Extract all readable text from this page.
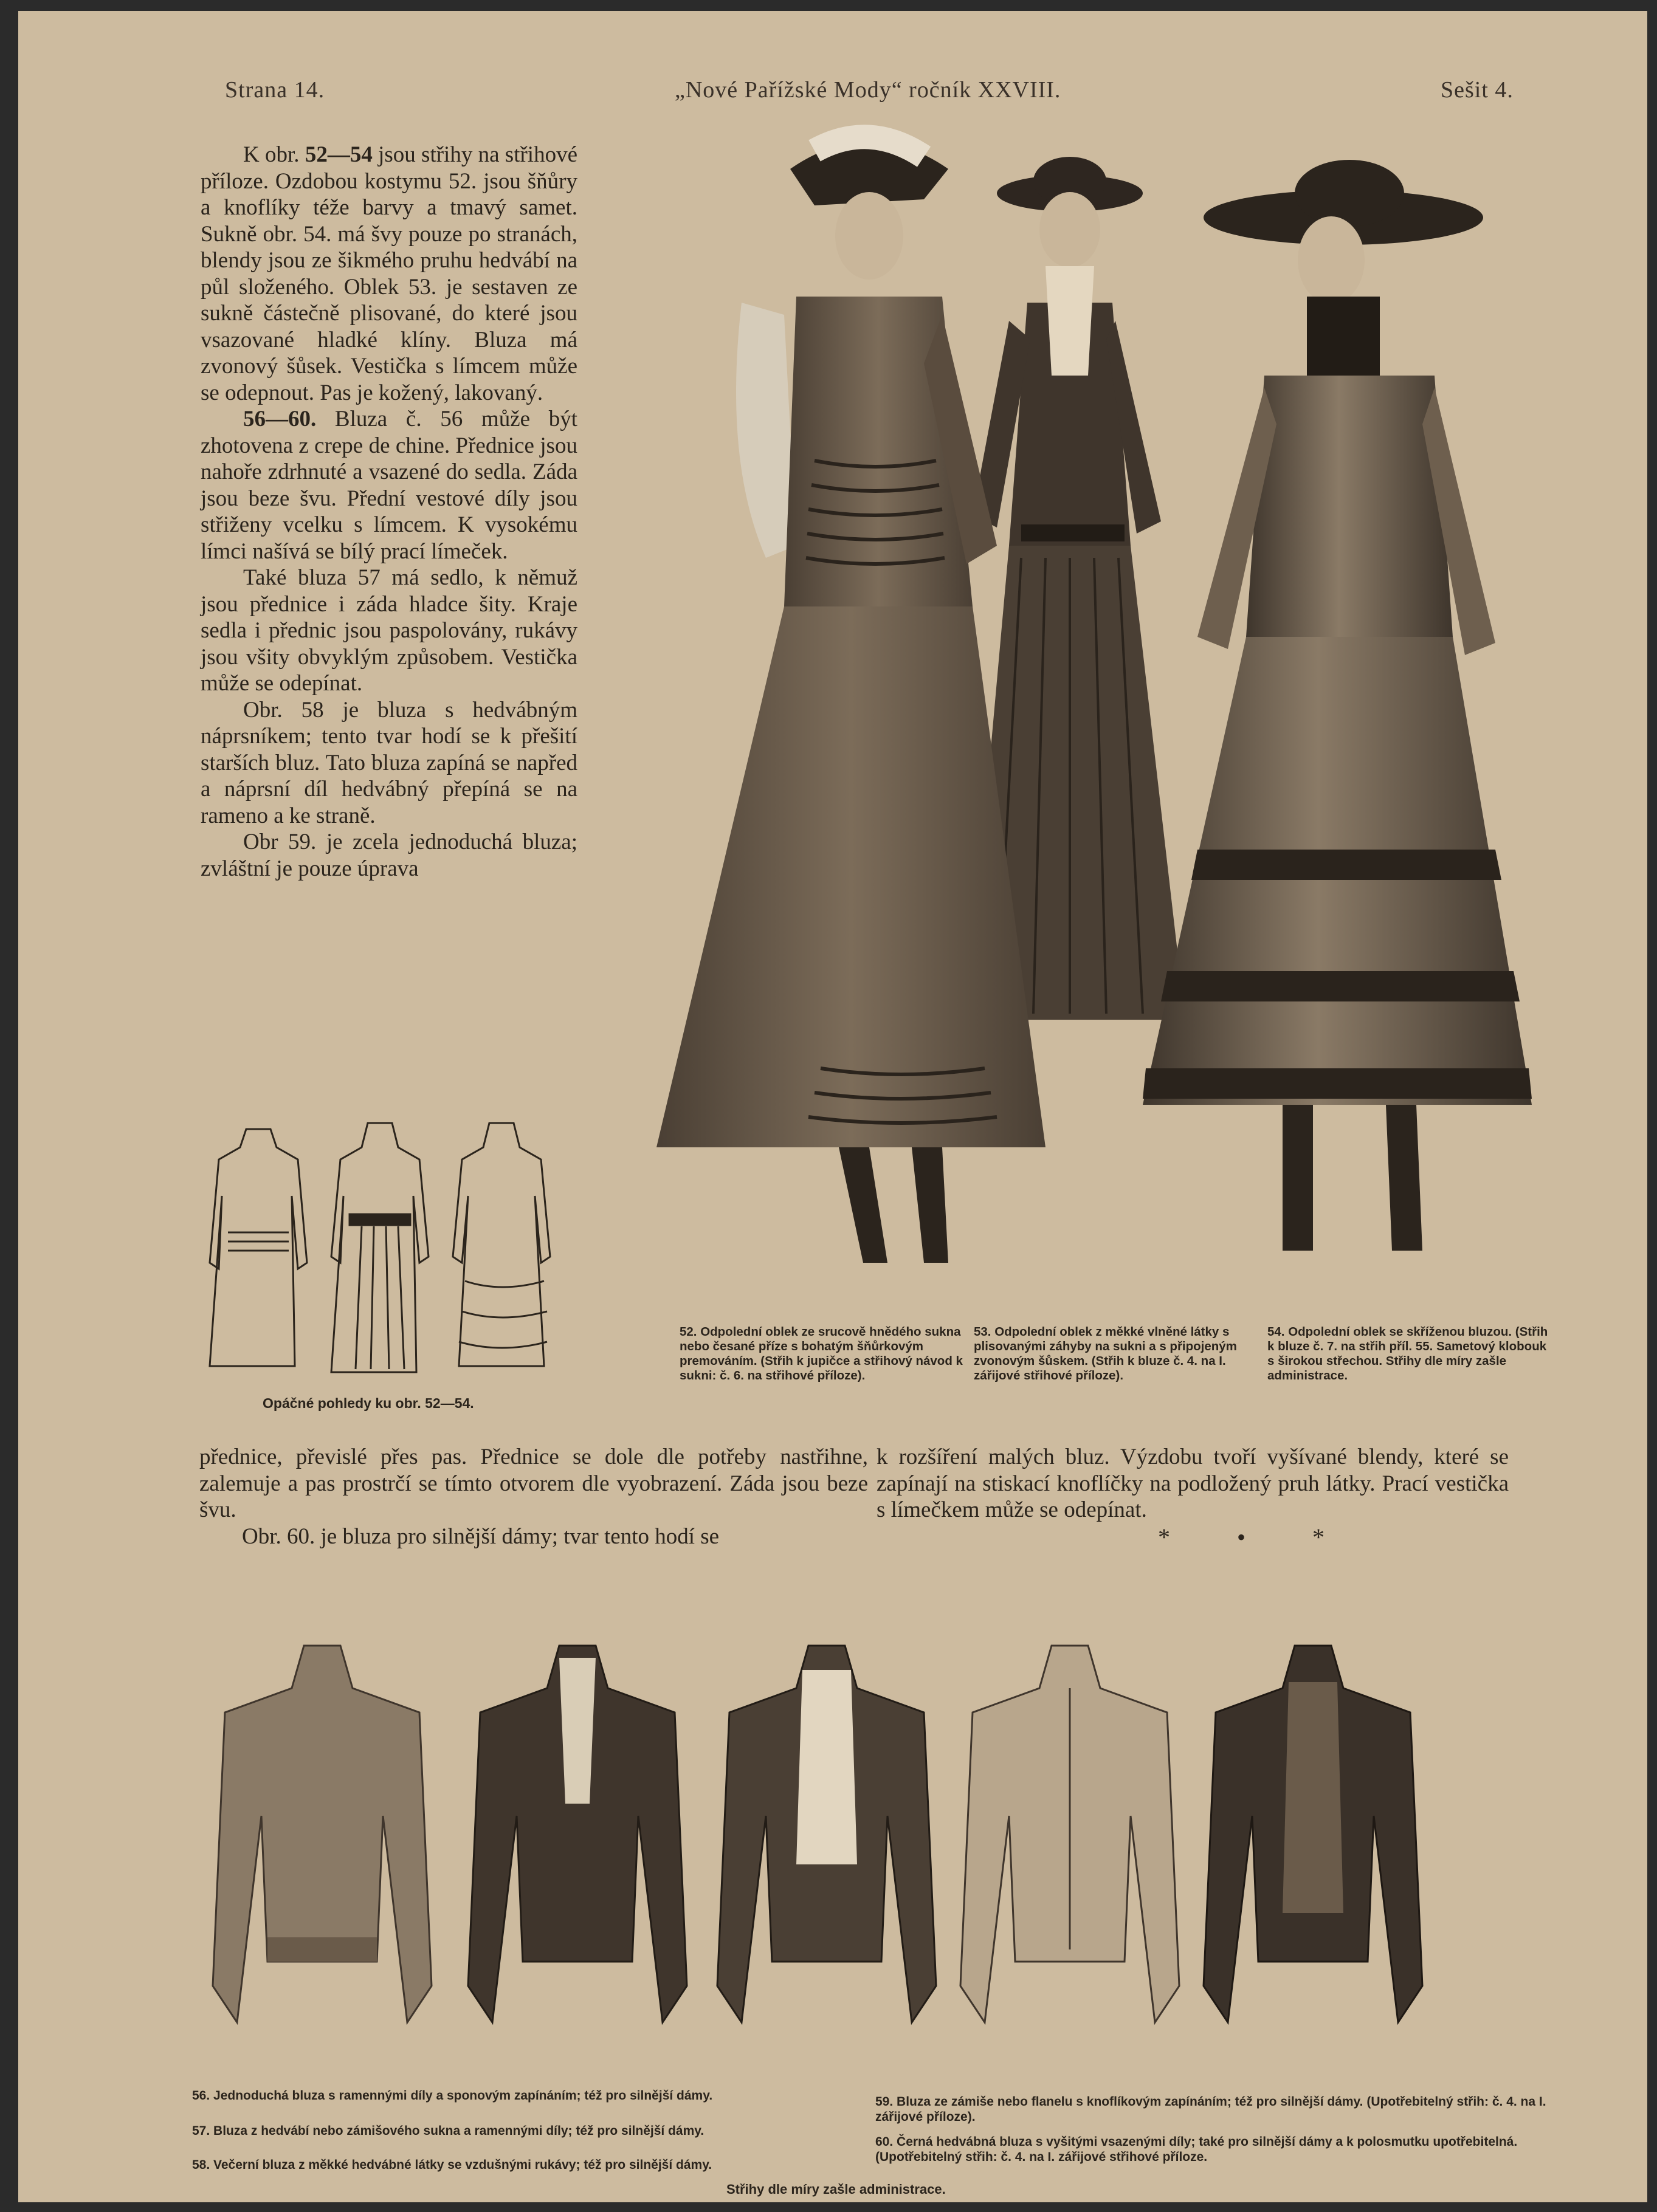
Strana 14.	„Nové Pařížské Mody“ ročník XXVIII.	Sešit 4.

K obr. 52—54 jsou střihy na střihové příloze. Ozdobou kostymu 52. jsou šňůry a knoflíky téže barvy a tmavý samet. Sukně obr. 54. má švy pouze po stranách, blendy jsou ze šikmého pruhu hedvábí na půl složeného. Oblek 53. je sestaven ze sukně částečně plisované, do které jsou vsazované hladké klíny. Bluza má zvonový šůsek. Vestička s límcem může se odepnout. Pas je kožený, lakovaný.

56—60. Bluza č. 56 může být zhotovena z crepe de chine. Přednice jsou nahoře zdrhnuté a vsazené do sedla. Záda jsou beze švu. Přední vestové díly jsou střiženy vcelku s límcem. K vysokému límci našívá se bílý prací límeček.

Také bluza 57 má sedlo, k němuž jsou přednice i záda hladce šity. Kraje sedla i přednic jsou paspolovány, rukávy jsou všity obvyklým způsobem. Vestička může se odepínat.

Obr. 58 je bluza s hedvábným náprsníkem; tento tvar hodí se k přešití starších bluz. Tato bluza zapíná se napřed a náprsní díl hedvábný přepíná se na rameno a ke straně.

Obr 59. je zcela jednoduchá bluza; zvláštní je pouze úprava

Opáčné pohledy ku obr. 52—54.
52. Odpolední oblek ze srucově hnědého sukna nebo česané příze s bohatým šňůrkovým premováním. (Střih k jupičce a střihový návod k sukni: č. 6. na střihové příloze).
53. Odpolední oblek z měkké vlněné látky s plisovanými záhyby na sukni a s připojeným zvonovým šůskem. (Střih k bluze č. 4. na I. zářijové střihové příloze).
54. Odpolední oblek se skříženou bluzou. (Střih k bluze č. 7. na střih příl. 55. Sametový klobouk s širokou střechou. Střihy dle míry zašle administrace.

přednice, převislé přes pas. Přednice se dole dle potřeby nastřihne, zalemuje a pas prostrčí se tímto otvorem dle vyobrazení. Záda jsou beze švu.

Obr. 60. je bluza pro silnější dámy; tvar tento hodí se

k rozšíření malých bluz. Výzdobu tvoří vyšívané blendy, které se zapínají na stiskací knoflíčky na podložený pruh látky. Prací vestička s límečkem může se odepínat.

* • *
56. Jednoduchá bluza s ramennými díly a sponovým zapínáním; též pro silnější dámy.
57. Bluza z hedvábí nebo zámišového sukna a ramennými díly; též pro silnější dámy.
58. Večerní bluza z měkké hedvábné látky se vzdušnými rukávy; též pro silnější dámy.
59. Bluza ze zámiše nebo flanelu s knoflíkovým zapínáním; též pro silnější dámy. (Upotřebitelný střih: č. 4. na I. zářijové příloze).
60. Černá hedvábná bluza s vyšitými vsazenými díly; také pro silnější dámy a k polosmutku upotřebitelná. (Upotřebitelný střih: č. 4. na I. zářijové střihové příloze.
Střihy dle míry zašle administrace.
